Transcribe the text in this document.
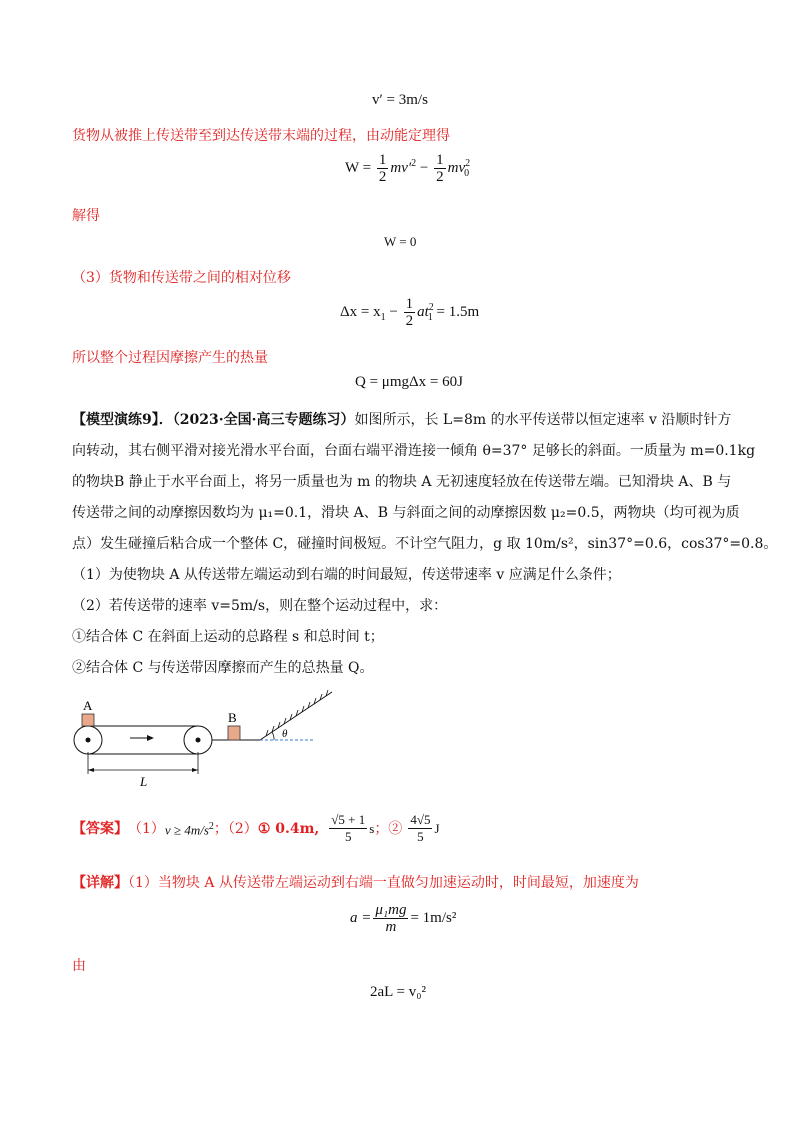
v′ = 3m/s
货物从被推上传送带至到达传送带末端的过程，由动能定理得
$W = \frac{1}{2} mv'^2 - \frac{1}{2} mv^2_0$
解得
W = 0
（3）货物和传送带之间的相对位移
$\Delta x = x_1 - \frac{1}{2} at^2_1 = 1.5m$
所以整个过程因摩擦产生的热量
Q = μmgΔx = 60J
【模型演练9】．（2023·全国·高三专题练习）如图所示，长 L=8m 的水平传送带以恒定速率 v 沿顺时针方
向转动，其右侧平滑对接光滑水平台面，台面右端平滑连接一倾角 θ=37° 足够长的斜面。一质量为 m=0.1kg
的物块B 静止于水平台面上，将另一质量也为 m 的物块 A 无初速度轻放在传送带左端。已知滑块 A、B 与
传送带之间的动摩擦因数均为 μ₁=0.1，滑块 A、B 与斜面之间的动摩擦因数 μ₂=0.5，两物块（均可视为质
点）发生碰撞后粘合成一个整体 C，碰撞时间极短。不计空气阻力，g 取 10m/s²，sin37°=0.6，cos37°=0.8。
（1）为使物块 A 从传送带左端运动到右端的时间最短，传送带速率 v 应满足什么条件；
（2）若传送带的速率 v=5m/s，则在整个运动过程中，求：
①结合体 C 在斜面上运动的总路程 s 和总时间 t；
②结合体 C 与传送带因摩擦而产生的总热量 Q。
A
B
θ
L
【答案】 （1） $v \ge 4m/s^2$ ；（2） ① 0.4m, $\frac{√5 + 1}{5}$ s ；② $\frac{4√5}{5}$ J
【详解】（1）当物块 A 从传送带左端运动到右端一直做匀加速运动时，时间最短，加速度为
$a = \frac{\text{μ₁mg}}{m} = 1m/s^2$
由
2aL = v₀²
